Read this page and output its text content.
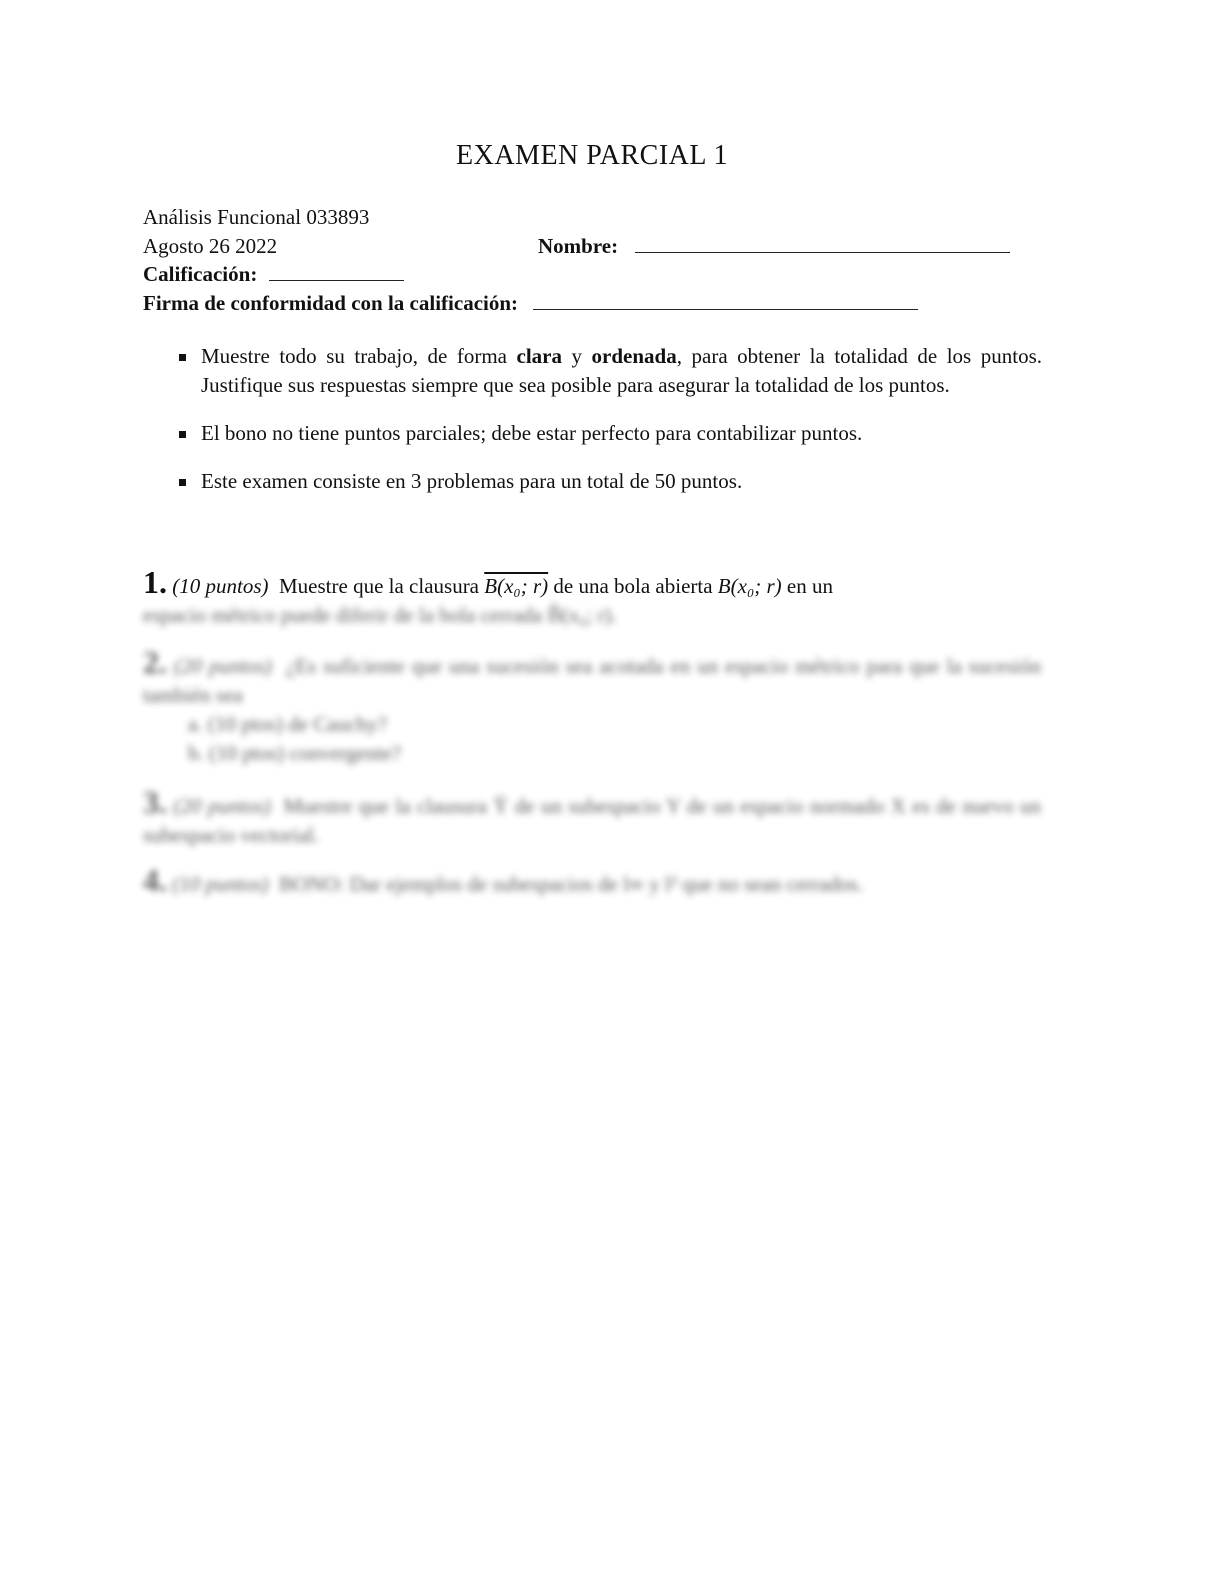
EXAMEN PARCIAL 1
Análisis Funcional 033893
Agosto 26 2022	Nombre:
Calificación:
Firma de conformidad con la calificación:
Muestre todo su trabajo, de forma clara y ordenada, para obtener la totalidad de los puntos. Justifique sus respuestas siempre que sea posible para asegurar la totalidad de los puntos.
El bono no tiene puntos parciales; debe estar perfecto para contabilizar puntos.
Este examen consiste en 3 problemas para un total de 50 puntos.
1. (10 puntos) Muestre que la clausura B(x₀; r) de una bola abierta B(x₀; r) en un
espacio métrico puede diferir de la bola cerrada B̃(x₀; r).
2. (20 puntos) ¿Es suficiente que una sucesión sea acotada en un espacio métrico para que la sucesión también sea
a. (10 ptos) de Cauchy?
b. (10 ptos) convergente?
3. (20 puntos) Muestre que la clausura Ȳ de un subespacio Y de un espacio normado X es de nuevo un subespacio vectorial.
4. (10 puntos) BONO: Dar ejemplos de subespacios de l∞ y l² que no sean cerrados.
